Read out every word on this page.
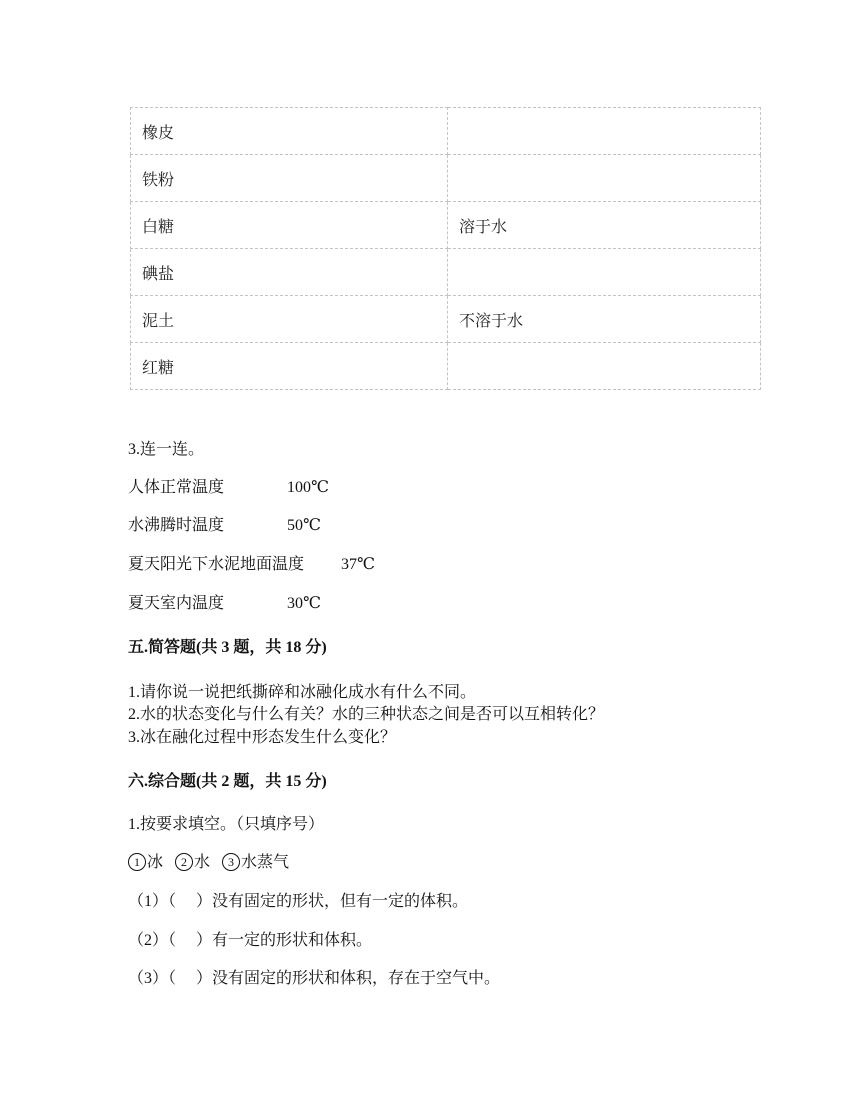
橡皮	
铁粉	
白糖	溶于水
碘盐	
泥土	不溶于水
红糖	
3.连一连。
人体正常温度	100℃
水沸腾时温度	50℃
夏天阳光下水泥地面温度 37℃
夏天室内温度	30℃
五.简答题(共 3 题，共 18 分)
1.请你说一说把纸撕碎和冰融化成水有什么不同。
2.水的状态变化与什么有关？水的三种状态之间是否可以互相转化？
3.冰在融化过程中形态发生什么变化？
六.综合题(共 2 题，共 15 分)
1.按要求填空。（只填序号）
1 冰 2 水 3 水蒸气
（1）（　 ）没有固定的形状，但有一定的体积。
（2）（　 ）有一定的形状和体积。
（3）（　 ）没有固定的形状和体积，存在于空气中。
